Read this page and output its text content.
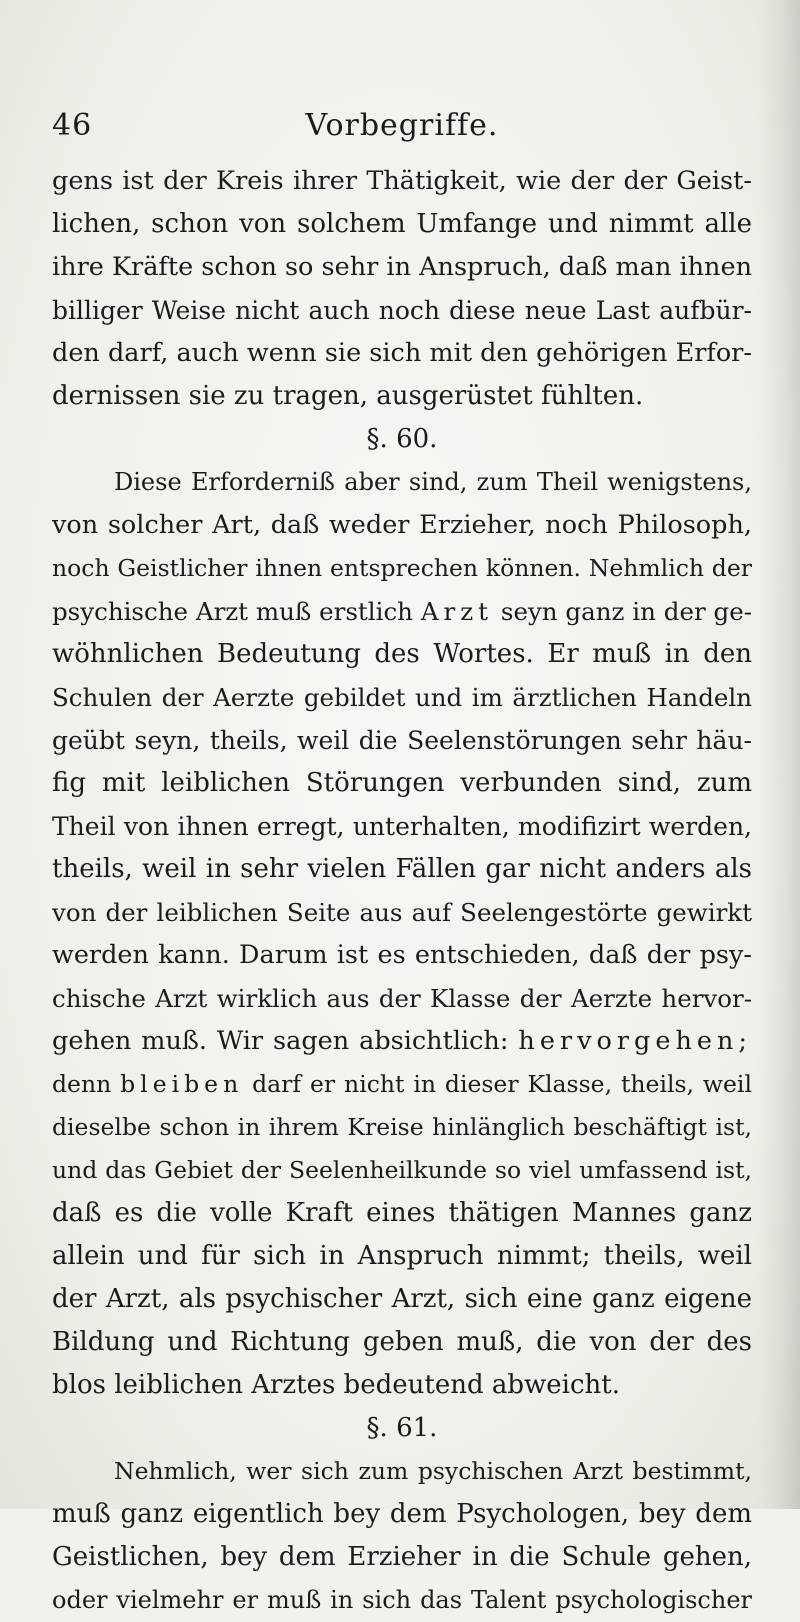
Vorbegriffe.
46
gens ist der Kreis ihrer Thätigkeit, wie der der Geist-
lichen, schon von solchem Umfange und nimmt alle
ihre Kräfte schon so sehr in Anspruch, daß man ihnen
billiger Weise nicht auch noch diese neue Last aufbür-
den darf, auch wenn sie sich mit den gehörigen Erfor-
dernissen sie zu tragen, ausgerüstet fühlten.
§. 60.
Diese Erforderniß aber sind, zum Theil wenigstens,
von solcher Art, daß weder Erzieher, noch Philosoph,
noch Geistlicher ihnen entsprechen können. Nehmlich der
psychische Arzt muß erstlich Arzt seyn ganz in der ge-
wöhnlichen Bedeutung des Wortes. Er muß in den
Schulen der Aerzte gebildet und im ärztlichen Handeln
geübt seyn, theils, weil die Seelenstörungen sehr häu-
fig mit leiblichen Störungen verbunden sind, zum
Theil von ihnen erregt, unterhalten, modifizirt werden,
theils, weil in sehr vielen Fällen gar nicht anders als
von der leiblichen Seite aus auf Seelengestörte gewirkt
werden kann. Darum ist es entschieden, daß der psy-
chische Arzt wirklich aus der Klasse der Aerzte hervor-
gehen muß. Wir sagen absichtlich: hervorgehen;
denn bleiben darf er nicht in dieser Klasse, theils, weil
dieselbe schon in ihrem Kreise hinlänglich beschäftigt ist,
und das Gebiet der Seelenheilkunde so viel umfassend ist,
daß es die volle Kraft eines thätigen Mannes ganz
allein und für sich in Anspruch nimmt; theils, weil
der Arzt, als psychischer Arzt, sich eine ganz eigene
Bildung und Richtung geben muß, die von der des
blos leiblichen Arztes bedeutend abweicht.
§. 61.
Nehmlich, wer sich zum psychischen Arzt bestimmt,
muß ganz eigentlich bey dem Psychologen, bey dem
Geistlichen, bey dem Erzieher in die Schule gehen,
oder vielmehr er muß in sich das Talent psychologischer
